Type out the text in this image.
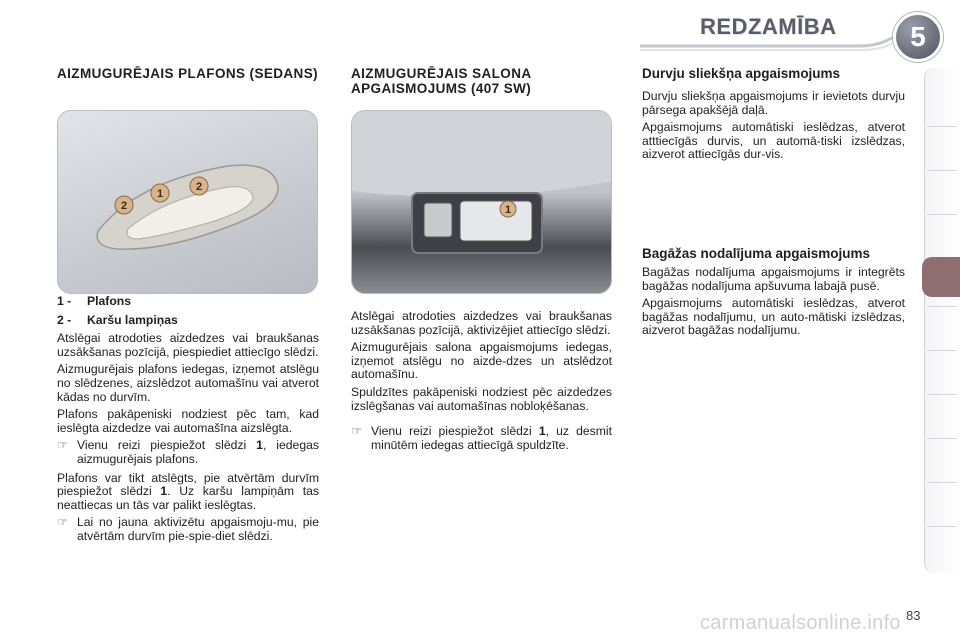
REDZAMĪBA	5
AIZMUGURĒJAIS PLAFONS (SEDANS)
1 - Plafons
2 - Karšu lampiņas

Atslēgai atrodoties aizdedzes vai braukšanas uzsākšanas pozīcijā, piespiediet attiecīgo slēdzi.

Aizmugurējais plafons iedegas, izņemot atslēgu no slēdzenes, aizslēdzot automašīnu vai atverot kādas no durvīm.

Plafons pakāpeniski nodziest pēc tam, kad ieslēgta aizdedze vai automašīna aizslēgta.

☞ Vienu reizi piespiežot slēdzi 1, iedegas aizmugurējais plafons.

Plafons var tikt atslēgts, pie atvērtām durvīm piespiežot slēdzi 1. Uz karšu lampiņām tas neattiecas un tās var palikt ieslēgtas.

☞ Lai no jauna aktivizētu apgaismoju-mu, pie atvērtām durvīm pie-spie-diet slēdzi.
2
1
2
AIZMUGURĒJAIS SALONA APGAISMOJUMS (407 SW)

Atslēgai atrodoties aizdedzes vai braukšanas uzsākšanas pozīcijā, aktivizējiet attiecīgo slēdzi.

Aizmugurējais salona apgaismojums iedegas, izņemot atslēgu no aizde-dzes un atslēdzot automašīnu.

Spuldzītes pakāpeniski nodziest pēc aizdedzes izslēgšanas vai automašīnas nobloķēšanas.

☞ Vienu reizi piespiežot slēdzi 1, uz desmit minūtēm iedegas attiecīgā spuldzīte.
1
Durvju sliekšņa apgaismojums

Durvju sliekšņa apgaismojums ir ievietots durvju pārsega apakšējā daļā.

Apgaismojums automātiski ieslēdzas, atverot atttiecīgās durvis, un automā-tiski izslēdzas, aizverot attiecīgās dur-vis.

Bagāžas nodalījuma apgaismojums

Bagāžas nodalījuma apgaismojums ir integrēts bagāžas nodalījuma apšuvuma labajā pusē.

Apgaismojums automātiski ieslēdzas, atverot bagāžas nodalījumu, un auto-mātiski izslēdzas, aizverot bagāžas nodalījumu.

carmanualsonline.info 83
